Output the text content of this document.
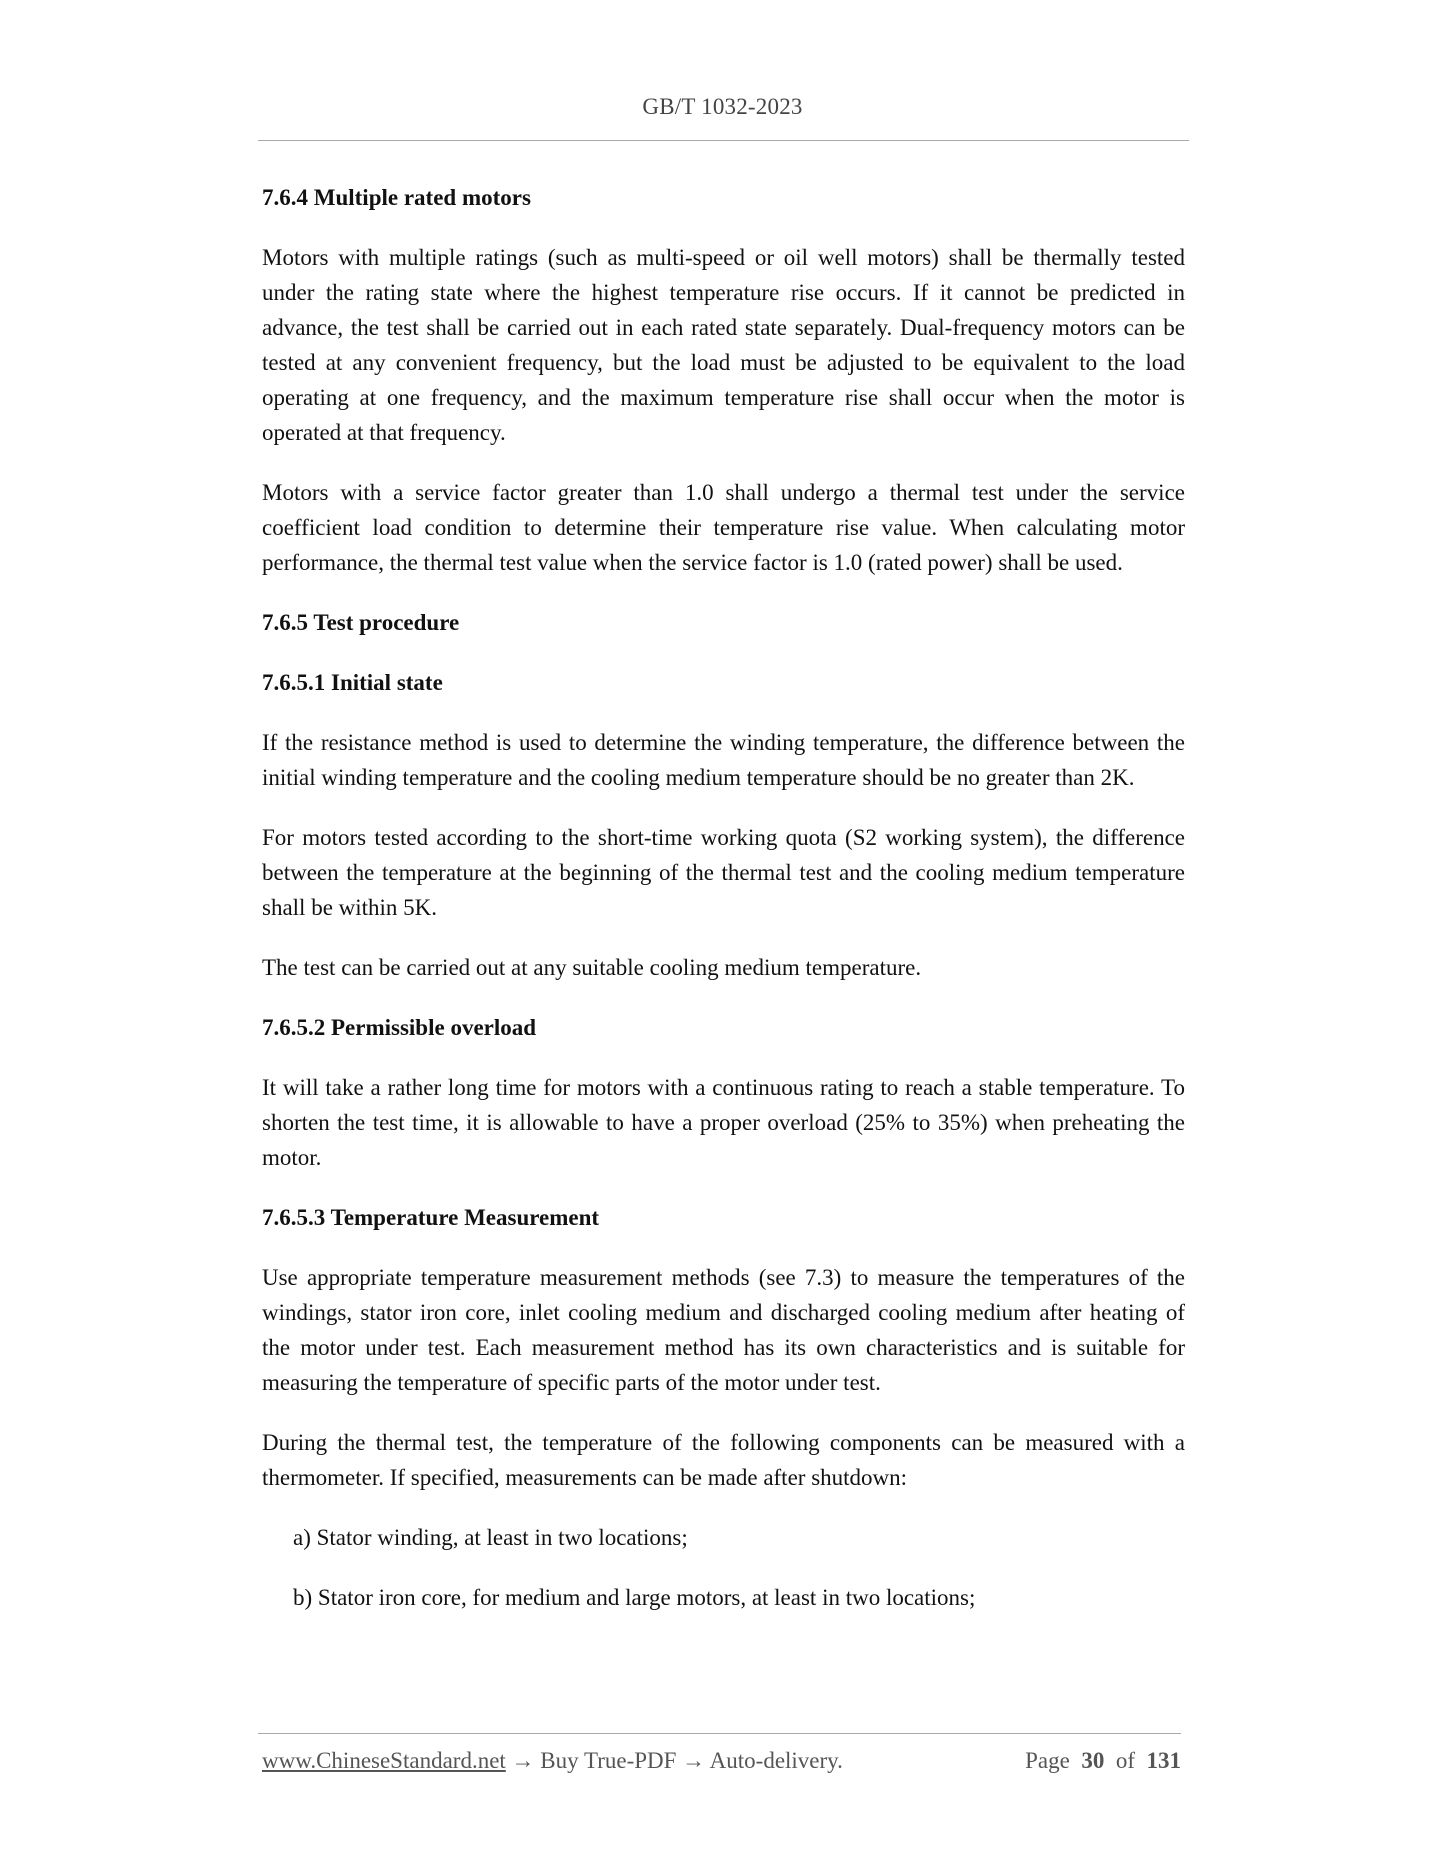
GB/T 1032-2023
7.6.4 Multiple rated motors
Motors with multiple ratings (such as multi-speed or oil well motors) shall be thermally tested under the rating state where the highest temperature rise occurs. If it cannot be predicted in advance, the test shall be carried out in each rated state separately. Dual-frequency motors can be tested at any convenient frequency, but the load must be adjusted to be equivalent to the load operating at one frequency, and the maximum temperature rise shall occur when the motor is operated at that frequency.
Motors with a service factor greater than 1.0 shall undergo a thermal test under the service coefficient load condition to determine their temperature rise value. When calculating motor performance, the thermal test value when the service factor is 1.0 (rated power) shall be used.
7.6.5 Test procedure
7.6.5.1 Initial state
If the resistance method is used to determine the winding temperature, the difference between the initial winding temperature and the cooling medium temperature should be no greater than 2K.
For motors tested according to the short-time working quota (S2 working system), the difference between the temperature at the beginning of the thermal test and the cooling medium temperature shall be within 5K.
The test can be carried out at any suitable cooling medium temperature.
7.6.5.2 Permissible overload
It will take a rather long time for motors with a continuous rating to reach a stable temperature. To shorten the test time, it is allowable to have a proper overload (25% to 35%) when preheating the motor.
7.6.5.3 Temperature Measurement
Use appropriate temperature measurement methods (see 7.3) to measure the temperatures of the windings, stator iron core, inlet cooling medium and discharged cooling medium after heating of the motor under test. Each measurement method has its own characteristics and is suitable for measuring the temperature of specific parts of the motor under test.
During the thermal test, the temperature of the following components can be measured with a thermometer. If specified, measurements can be made after shutdown:
a) Stator winding, at least in two locations;
b) Stator iron core, for medium and large motors, at least in two locations;
www.ChineseStandard.net → Buy True-PDF → Auto-delivery.	Page 30 of 131
